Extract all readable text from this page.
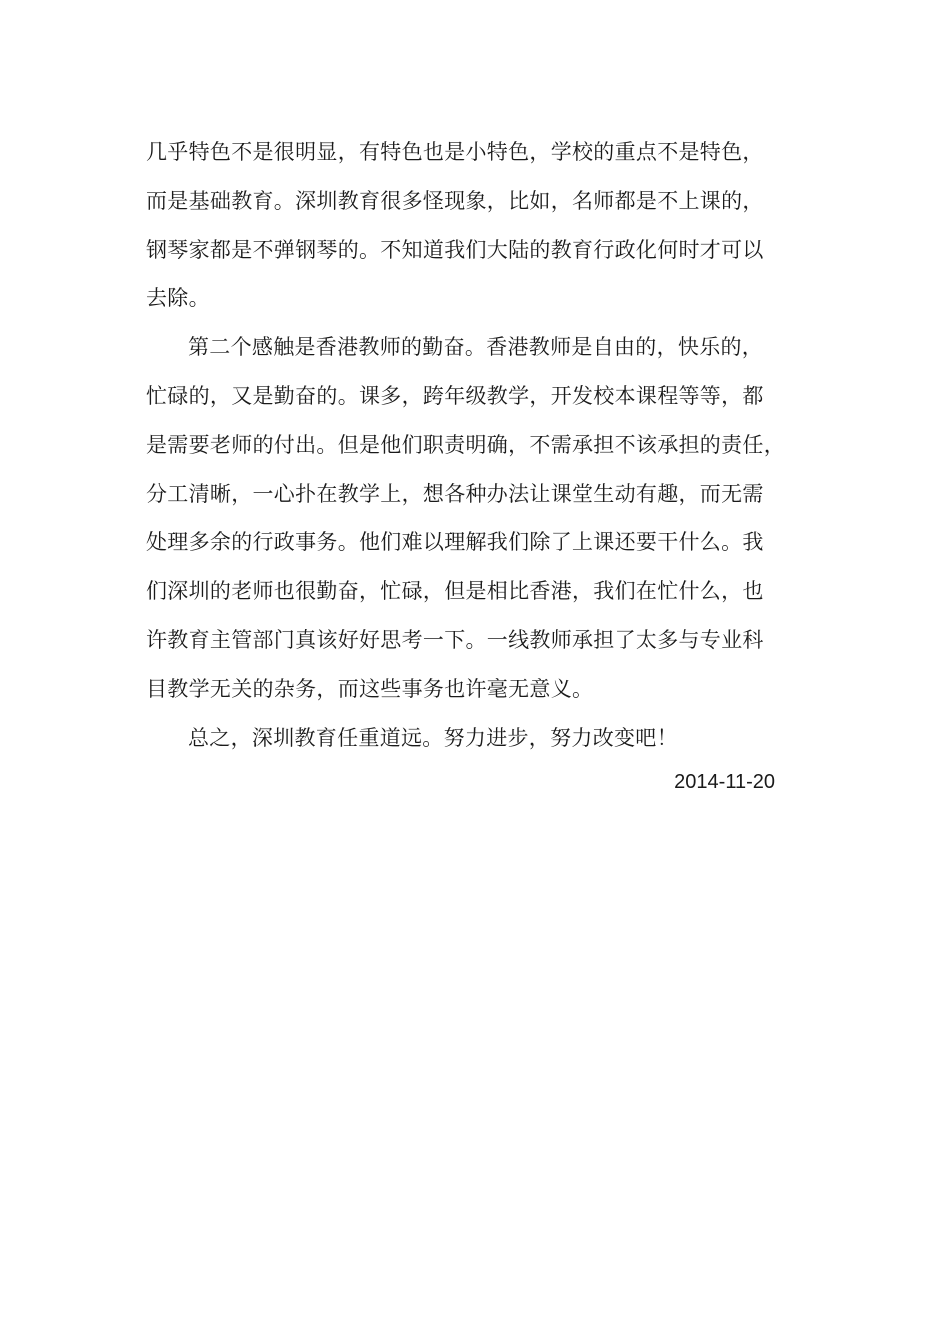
几乎特色不是很明显，有特色也是小特色，学校的重点不是特色，
而是基础教育。深圳教育很多怪现象，比如，名师都是不上课的，
钢琴家都是不弹钢琴的。不知道我们大陆的教育行政化何时才可以
去除。
第二个感触是香港教师的勤奋。香港教师是自由的，快乐的，
忙碌的，又是勤奋的。课多，跨年级教学，开发校本课程等等，都
是需要老师的付出。但是他们职责明确，不需承担不该承担的责任，
分工清晰，一心扑在教学上，想各种办法让课堂生动有趣，而无需
处理多余的行政事务。他们难以理解我们除了上课还要干什么。我
们深圳的老师也很勤奋，忙碌，但是相比香港，我们在忙什么，也
许教育主管部门真该好好思考一下。一线教师承担了太多与专业科
目教学无关的杂务，而这些事务也许毫无意义。
总之，深圳教育任重道远。努力进步，努力改变吧！
2014-11-20
